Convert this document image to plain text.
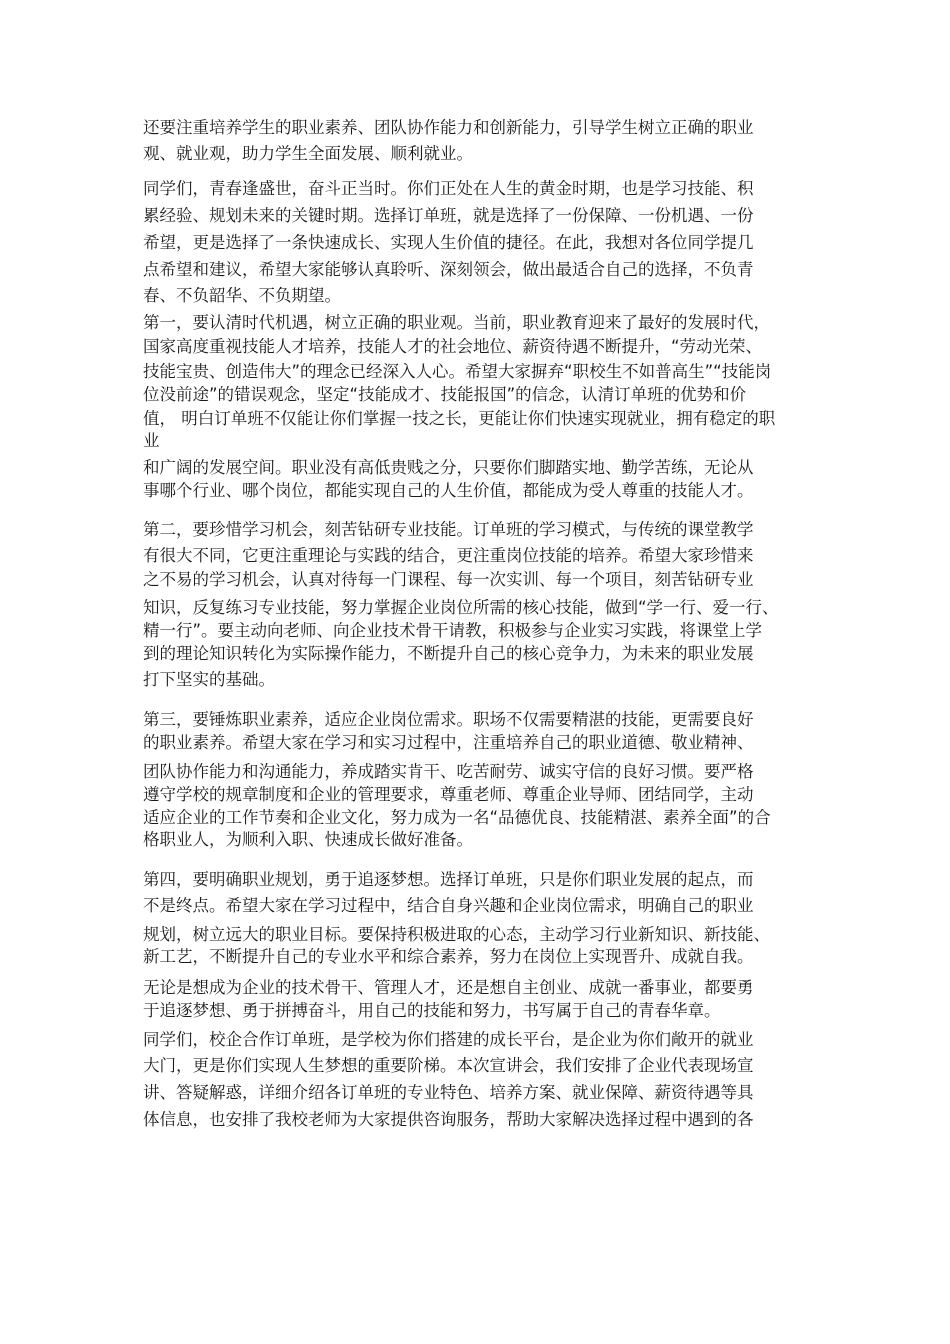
还要注重培养学生的职业素养、团队协作能力和创新能力，引导学生树立正确的职业

观、就业观，助力学生全面发展、顺利就业。

同学们，青春逢盛世，奋斗正当时。你们正处在人生的黄金时期，也是学习技能、积

累经验、规划未来的关键时期。选择订单班，就是选择了一份保障、一份机遇、一份

希望，更是选择了一条快速成长、实现人生价值的捷径。在此，我想对各位同学提几

点希望和建议，希望大家能够认真聆听、深刻领会，做出最适合自己的选择，不负青

春、不负韶华、不负期望。

第一，要认清时代机遇，树立正确的职业观。当前，职业教育迎来了最好的发展时代，

国家高度重视技能人才培养，技能人才的社会地位、薪资待遇不断提升，“劳动光荣、

技能宝贵、创造伟大”的理念已经深入人心。希望大家摒弃“职校生不如普高生”“技能岗

位没前途”的错误观念，坚定“技能成才、技能报国”的信念，认清订单班的优势和价

值， 明白订单班不仅能让你们掌握一技之长，更能让你们快速实现就业，拥有稳定的职

业

和广阔的发展空间。职业没有高低贵贱之分，只要你们脚踏实地、勤学苦练，无论从

事哪个行业、哪个岗位，都能实现自己的人生价值，都能成为受人尊重的技能人才。

第二，要珍惜学习机会，刻苦钻研专业技能。订单班的学习模式，与传统的课堂教学

有很大不同，它更注重理论与实践的结合，更注重岗位技能的培养。希望大家珍惜来

之不易的学习机会，认真对待每一门课程、每一次实训、每一个项目，刻苦钻研专业

知识，反复练习专业技能，努力掌握企业岗位所需的核心技能，做到“学一行、爱一行、

精一行”。要主动向老师、向企业技术骨干请教，积极参与企业实习实践，将课堂上学

到的理论知识转化为实际操作能力，不断提升自己的核心竞争力，为未来的职业发展

打下坚实的基础。

第三，要锤炼职业素养，适应企业岗位需求。职场不仅需要精湛的技能，更需要良好

的职业素养。希望大家在学习和实习过程中，注重培养自己的职业道德、敬业精神、

团队协作能力和沟通能力，养成踏实肯干、吃苦耐劳、诚实守信的良好习惯。要严格

遵守学校的规章制度和企业的管理要求，尊重老师、尊重企业导师、团结同学，主动

适应企业的工作节奏和企业文化，努力成为一名“品德优良、技能精湛、素养全面”的合

格职业人，为顺利入职、快速成长做好准备。

第四，要明确职业规划，勇于追逐梦想。选择订单班，只是你们职业发展的起点，而

不是终点。希望大家在学习过程中，结合自身兴趣和企业岗位需求，明确自己的职业

规划，树立远大的职业目标。要保持积极进取的心态，主动学习行业新知识、新技能、

新工艺，不断提升自己的专业水平和综合素养，努力在岗位上实现晋升、成就自我。

无论是想成为企业的技术骨干、管理人才，还是想自主创业、成就一番事业，都要勇

于追逐梦想、勇于拼搏奋斗，用自己的技能和努力，书写属于自己的青春华章。

同学们，校企合作订单班，是学校为你们搭建的成长平台，是企业为你们敞开的就业

大门，更是你们实现人生梦想的重要阶梯。本次宣讲会，我们安排了企业代表现场宣

讲、答疑解惑，详细介绍各订单班的专业特色、培养方案、就业保障、薪资待遇等具

体信息，也安排了我校老师为大家提供咨询服务，帮助大家解决选择过程中遇到的各
